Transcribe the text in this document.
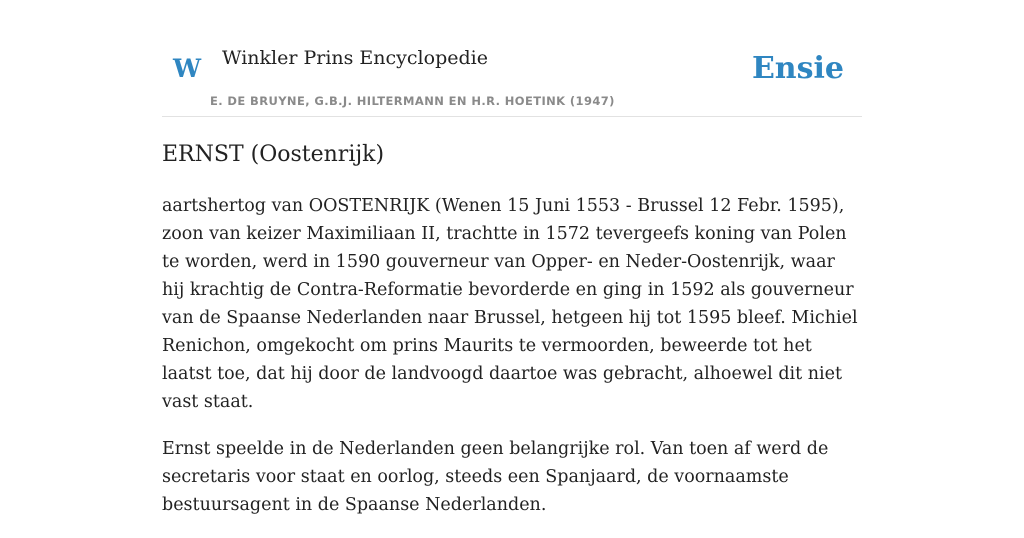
W Winkler Prins Encyclopedie
E. DE BRUYNE, G.B.J. HILTERMANN EN H.R. HOETINK (1947)
Ensie
ERNST (Oostenrijk)

aartshertog van OOSTENRIJK (Wenen 15 Juni 1553 - Brussel 12 Febr. 1595), zoon van keizer Maximiliaan II, trachtte in 1572 tevergeefs koning van Polen te worden, werd in 1590 gouverneur van Opper- en Neder-Oostenrijk, waar hij krachtig de Contra-Reformatie bevorderde en ging in 1592 als gouverneur van de Spaanse Nederlanden naar Brussel, hetgeen hij tot 1595 bleef. Michiel Renichon, omgekocht om prins Maurits te vermoorden, beweerde tot het laatst toe, dat hij door de landvoogd daartoe was gebracht, alhoewel dit niet vast staat.

Ernst speelde in de Nederlanden geen belangrijke rol. Van toen af werd de secretaris voor staat en oorlog, steeds een Spanjaard, de voornaamste bestuursagent in de Spaanse Nederlanden.
